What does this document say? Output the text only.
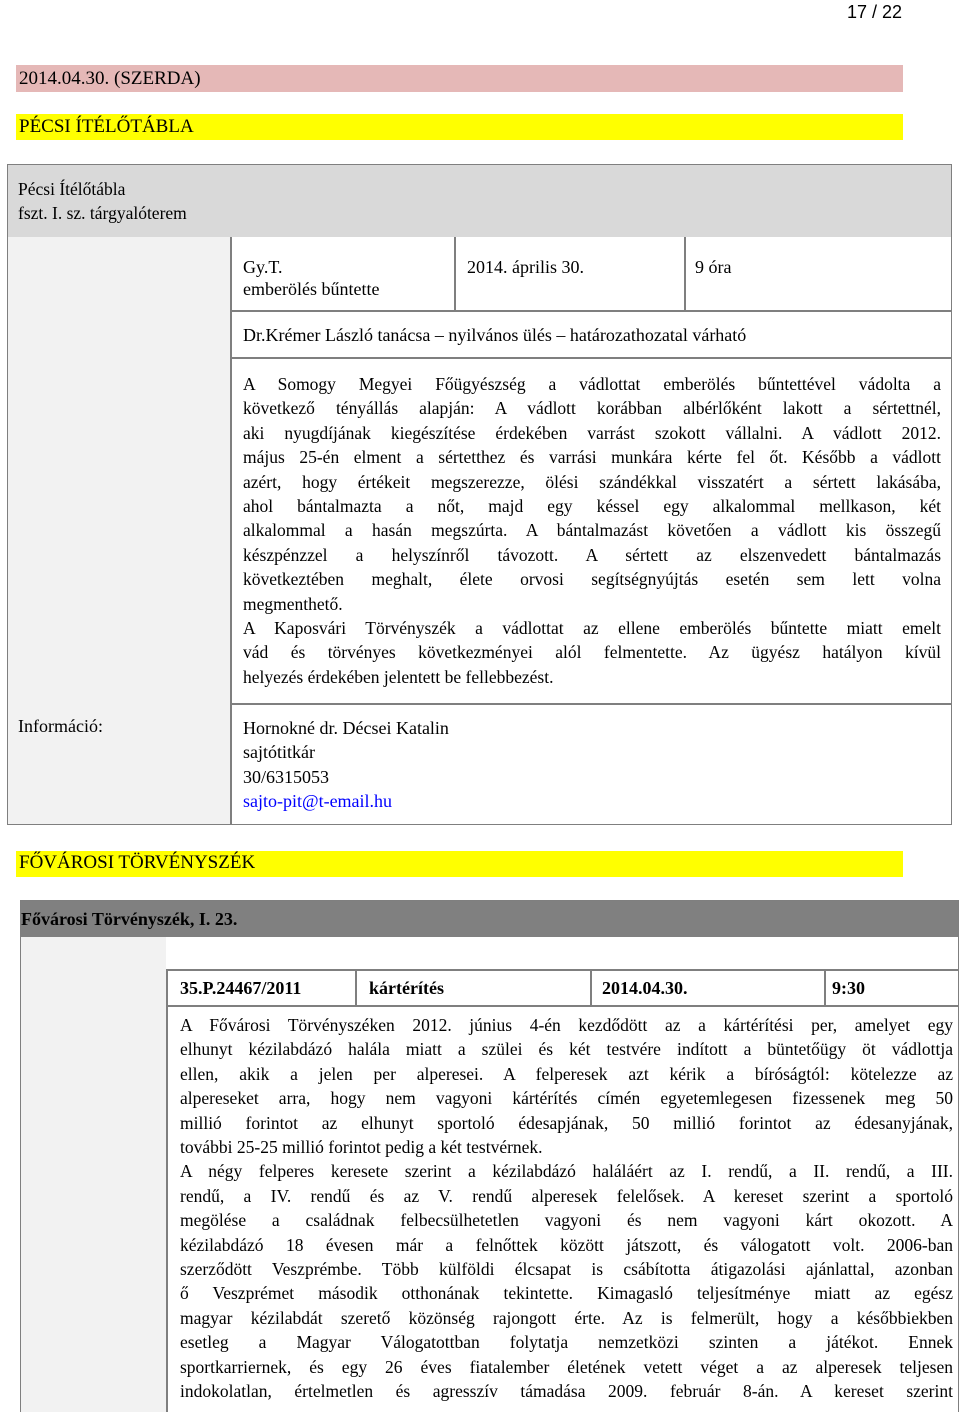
17 / 22
2014.04.30. (SZERDA)
PÉCSI ÍTÉLŐTÁBLA
Pécsi Ítélőtábla
fszt. I. sz. tárgyalóterem
Gy.T.
emberölés bűntette
2014. április 30.	9 óra
Dr.Krémer László tanácsa – nyilvános ülés – határozathozatal várható
A Somogy Megyei Főügyészség a vádlottat emberölés bűntettével vádolta a
következő tényállás alapján: A vádlott korábban albérlőként lakott a sértettnél,
aki nyugdíjának kiegészítése érdekében varrást szokott vállalni. A vádlott 2012.
május 25-én elment a sértetthez és varrási munkára kérte fel őt. Később a vádlott
azért, hogy értékeit megszerezze, ölési szándékkal visszatért a sértett lakásába,
ahol bántalmazta a nőt, majd egy késsel egy alkalommal mellkason, két
alkalommal a hasán megszúrta. A bántalmazást követően a vádlott kis összegű
készpénzzel a helyszínről távozott. A sértett az elszenvedett bántalmazás
következtében meghalt, élete orvosi segítségnyújtás esetén sem lett volna
megmenthető.
A Kaposvári Törvényszék a vádlottat az ellene emberölés bűntette miatt emelt
vád és törvényes következményei alól felmentette. Az ügyész hatályon kívül
helyezés érdekében jelentett be fellebbezést.
Információ:	Hornokné dr. Décsei Katalin
sajtótitkár
30/6315053
sajto-pit@t-email.hu
FŐVÁROSI TÖRVÉNYSZÉK
Fővárosi Törvényszék, I. 23.
35.P.24467/2011	kártérítés	2014.04.30.	9:30
A Fővárosi Törvényszéken 2012. június 4-én kezdődött az a kártérítési per, amelyet egy
elhunyt kézilabdázó halála miatt a szülei és két testvére indított a büntetőügy öt vádlottja
ellen, akik a jelen per alperesei. A felperesek azt kérik a bíróságtól: kötelezze az
alpereseket arra, hogy nem vagyoni kártérítés címén egyetemlegesen fizessenek meg 50
millió forintot az elhunyt sportoló édesapjának, 50 millió forintot az édesanyjának,
további 25-25 millió forintot pedig a két testvérnek.
A négy felperes keresete szerint a kézilabdázó haláláért az I. rendű, a II. rendű, a III.
rendű, a IV. rendű és az V. rendű alperesek felelősek. A kereset szerint a sportoló
megölése a családnak felbecsülhetetlen vagyoni és nem vagyoni kárt okozott. A
kézilabdázó 18 évesen már a felnőttek között játszott, és válogatott volt. 2006-ban
szerződött Veszprémbe. Több külföldi élcsapat is csábította átigazolási ajánlattal, azonban
ő Veszprémet második otthonának tekintette. Kimagasló teljesítménye miatt az egész
magyar kézilabdát szerető közönség rajongott érte. Az is felmerült, hogy a későbbiekben
esetleg a Magyar Válogatottban folytatja nemzetközi szinten a játékot. Ennek
sportkarriernek, és egy 26 éves fiatalember életének vetett véget a az alperesek teljesen
indokolatlan, értelmetlen és agresszív támadása 2009. február 8-án. A kereset szerint
